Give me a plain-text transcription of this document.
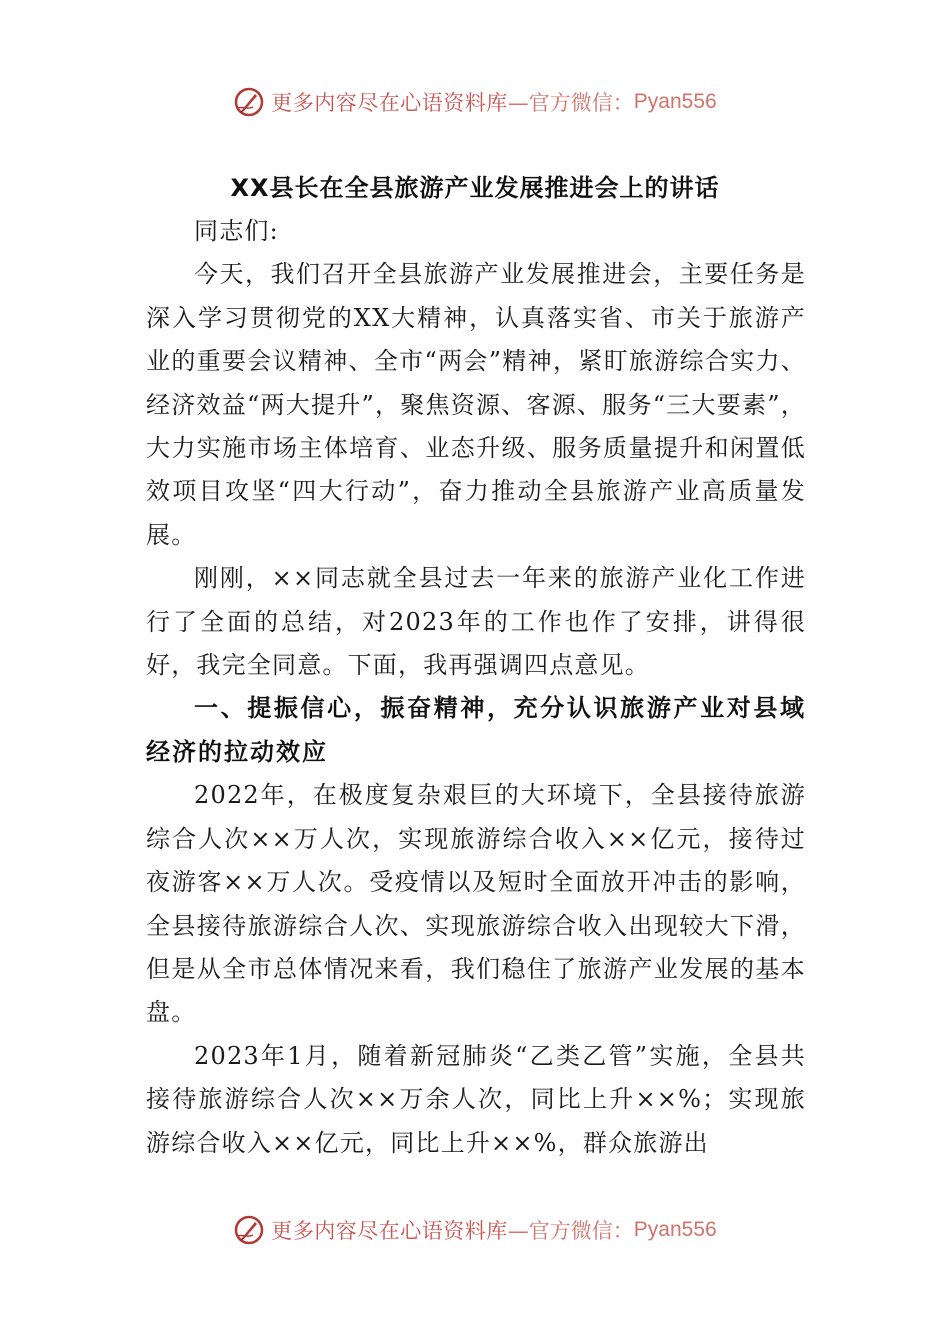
更多内容尽在心语资料库 —官方微信： Pyan556
XX县长在全县旅游产业发展推进会上的讲话

同志们:

今天，我们召开全县旅游产业发展推进会，主要任务是深入学习贯彻党的XX大精神，认真落实省、市关于旅游产业的重要会议精神、全市“两会”精神，紧盯旅游综合实力、经济效益“两大提升”，聚焦资源、客源、服务“三大要素”，大力实施市场主体培育、业态升级、服务质量提升和闲置低效项目攻坚“四大行动”，奋力推动全县旅游产业高质量发展。

刚刚，××同志就全县过去一年来的旅游产业化工作进行了全面的总结，对2023年的工作也作了安排，讲得很好，我完全同意。下面，我再强调四点意见。

一、提振信心，振奋精神，充分认识旅游产业对县域经济的拉动效应

2022年，在极度复杂艰巨的大环境下，全县接待旅游综合人次××万人次，实现旅游综合收入××亿元，接待过夜游客××万人次。受疫情以及短时全面放开冲击的影响，全县接待旅游综合人次、实现旅游综合收入出现较大下滑，但是从全市总体情况来看，我们稳住了旅游产业发展的基本盘。

2023年1月，随着新冠肺炎“乙类乙管”实施，全县共接待旅游综合人次××万余人次，同比上升××%；实现旅游综合收入××亿元，同比上升××%，群众旅游出

更多内容尽在心语资料库 —官方微信： Pyan556
